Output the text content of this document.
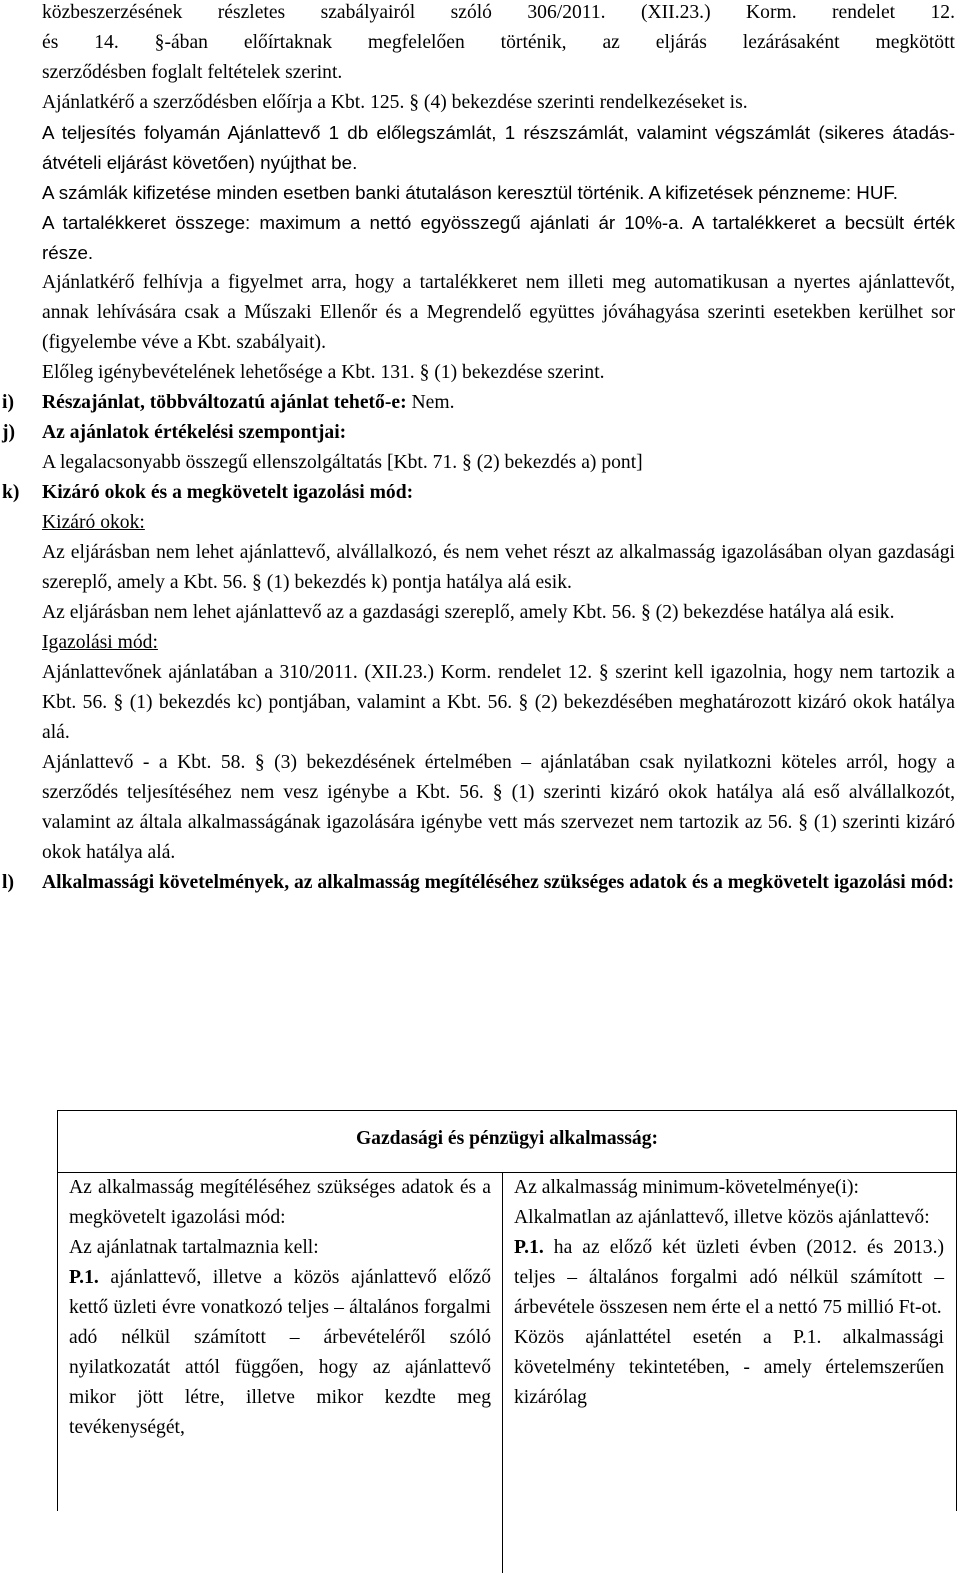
közbeszerzésének részletes szabályairól szóló 306/2011. (XII.23.) Korm. rendelet 12.

és 14. §-ában előírtaknak megfelelően történik, az eljárás lezárásaként megkötött

szerződésben foglalt feltételek szerint.

Ajánlatkérő a szerződésben előírja a Kbt. 125. § (4) bekezdése szerinti rendelkezéseket is.

A teljesítés folyamán Ajánlattevő 1 db előlegszámlát, 1 részszámlát, valamint végszámlát (sikeres átadás-átvételi eljárást követően) nyújthat be.

A számlák kifizetése minden esetben banki átutaláson keresztül történik. A kifizetések pénzneme: HUF.

A tartalékkeret összege: maximum a nettó egyösszegű ajánlati ár 10%-a. A tartalékkeret a becsült érték része.

Ajánlatkérő felhívja a figyelmet arra, hogy a tartalékkeret nem illeti meg automatikusan a nyertes ajánlattevőt, annak lehívására csak a Műszaki Ellenőr és a Megrendelő együttes jóváhagyása szerinti esetekben kerülhet sor (figyelembe véve a Kbt. szabályait).

Előleg igénybevételének lehetősége a Kbt. 131. § (1) bekezdése szerint.

i) Részajánlat, többváltozatú ajánlat tehető-e: Nem.

j) Az ajánlatok értékelési szempontjai:

A legalacsonyabb összegű ellenszolgáltatás [Kbt. 71. § (2) bekezdés a) pont]

k) Kizáró okok és a megkövetelt igazolási mód:

Kizáró okok:

Az eljárásban nem lehet ajánlattevő, alvállalkozó, és nem vehet részt az alkalmasság igazolásában olyan gazdasági szereplő, amely a Kbt. 56. § (1) bekezdés k) pontja hatálya alá esik.

Az eljárásban nem lehet ajánlattevő az a gazdasági szereplő, amely Kbt. 56. § (2) bekezdése hatálya alá esik.

Igazolási mód:

Ajánlattevőnek ajánlatában a 310/2011. (XII.23.) Korm. rendelet 12. § szerint kell igazolnia, hogy nem tartozik a Kbt. 56. § (1) bekezdés kc) pontjában, valamint a Kbt. 56. § (2) bekezdésében meghatározott kizáró okok hatálya alá.

Ajánlattevő - a Kbt. 58. § (3) bekezdésének értelmében – ajánlatában csak nyilatkozni köteles arról, hogy a szerződés teljesítéséhez nem vesz igénybe a Kbt. 56. § (1) szerinti kizáró okok hatálya alá eső alvállalkozót, valamint az általa alkalmasságának igazolására igénybe vett más szervezet nem tartozik az 56. § (1) szerinti kizáró okok hatálya alá.

l) Alkalmassági követelmények, az alkalmasság megítéléséhez szükséges adatok és a megkövetelt igazolási mód:

Gazdasági és pénzügyi alkalmasság:

Az alkalmasság megítéléséhez szükséges adatok és a megkövetelt igazolási mód:

Az ajánlatnak tartalmaznia kell:

P.1. ajánlattevő, illetve a közös ajánlattevő előző kettő üzleti évre vonatkozó teljes – általános forgalmi adó nélkül számított – árbevételéről szóló nyilatkozatát attól függően, hogy az ajánlattevő mikor jött létre, illetve mikor kezdte meg tevékenységét,

Az alkalmasság minimum-követelménye(i):

Alkalmatlan az ajánlattevő, illetve közös ajánlattevő:

P.1. ha az előző két üzleti évben (2012. és 2013.) teljes – általános forgalmi adó nélkül számított – árbevétele összesen nem érte el a nettó 75 millió Ft-ot.

Közös ajánlattétel esetén a P.1. alkalmassági követelmény tekintetében, - amely értelemszerűen kizárólag
